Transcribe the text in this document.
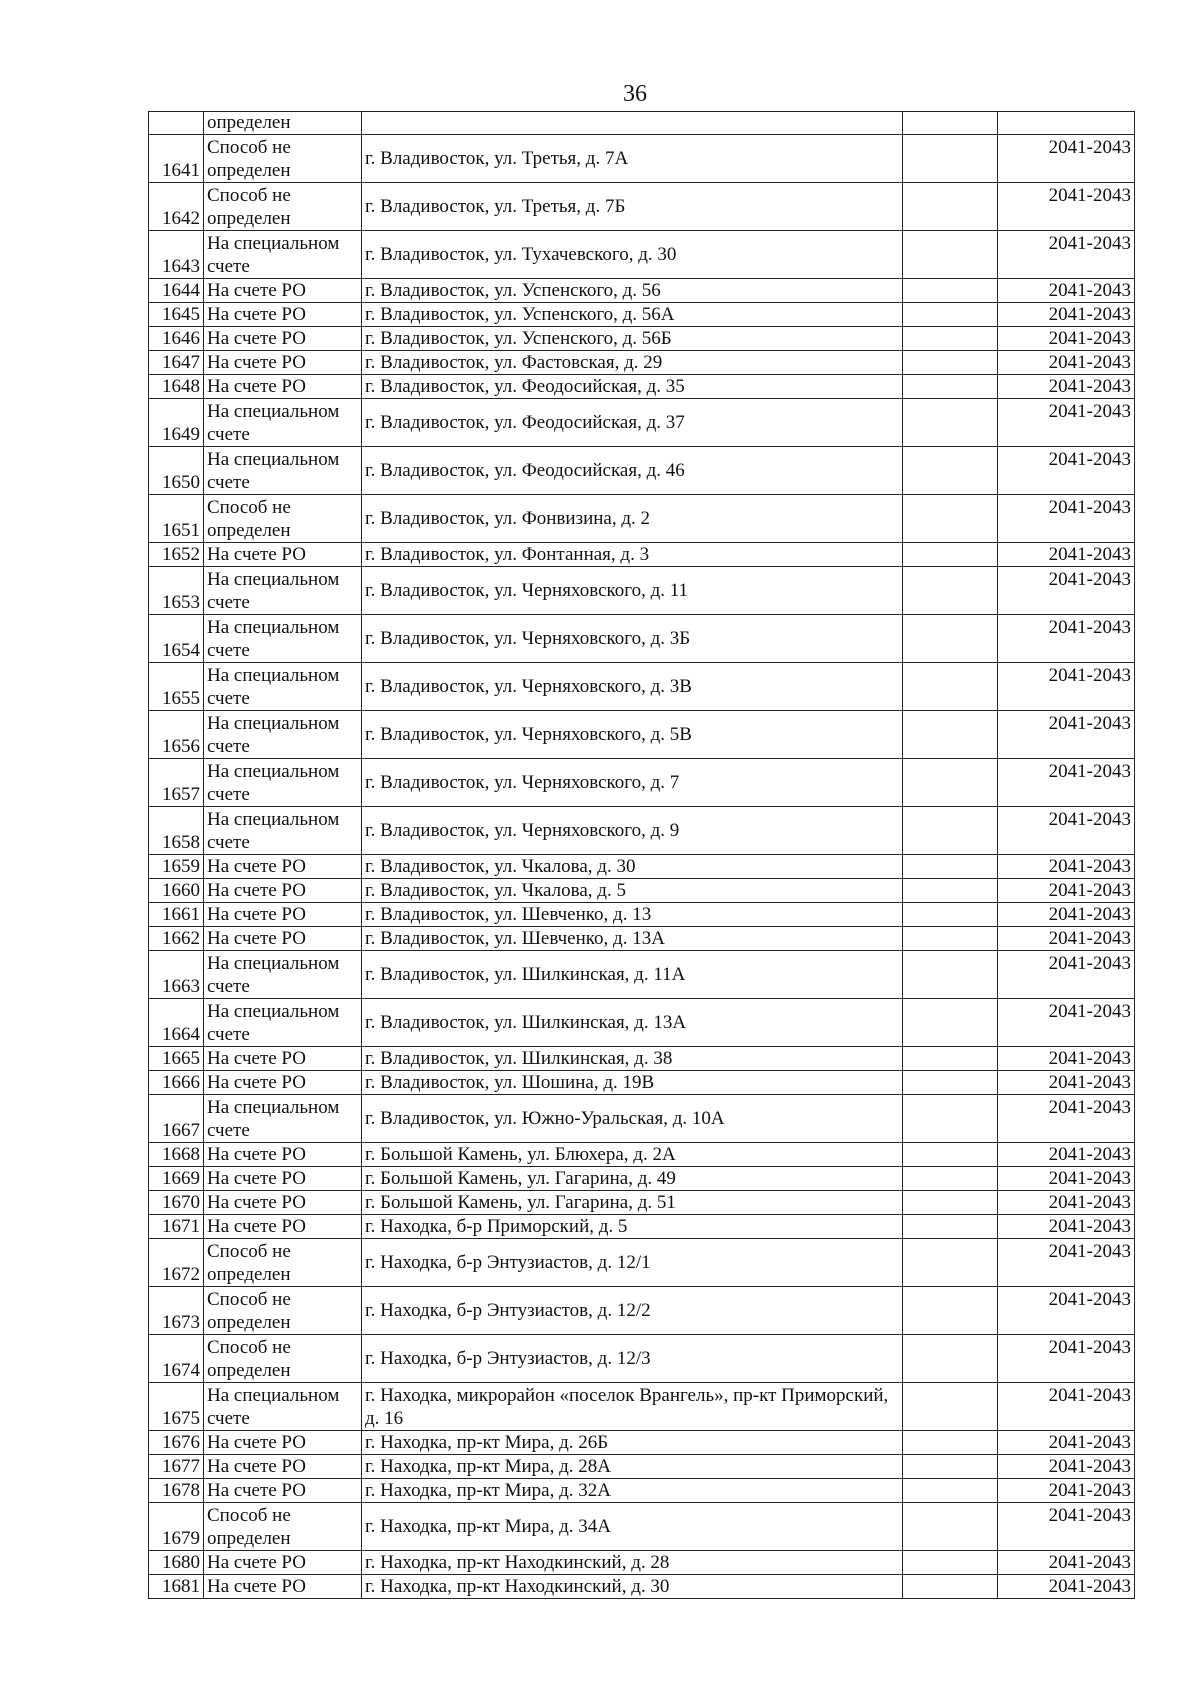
36
	определен			
1641	Способ не определен	г. Владивосток, ул. Третья, д. 7А		2041-2043
1642	Способ не определен	г. Владивосток, ул. Третья, д. 7Б		2041-2043
1643	На специальном счете	г. Владивосток, ул. Тухачевского, д. 30		2041-2043
1644	На счете РО	г. Владивосток, ул. Успенского, д. 56		2041-2043
1645	На счете РО	г. Владивосток, ул. Успенского, д. 56А		2041-2043
1646	На счете РО	г. Владивосток, ул. Успенского, д. 56Б		2041-2043
1647	На счете РО	г. Владивосток, ул. Фастовская, д. 29		2041-2043
1648	На счете РО	г. Владивосток, ул. Феодосийская, д. 35		2041-2043
1649	На специальном счете	г. Владивосток, ул. Феодосийская, д. 37		2041-2043
1650	На специальном счете	г. Владивосток, ул. Феодосийская, д. 46		2041-2043
1651	Способ не определен	г. Владивосток, ул. Фонвизина, д. 2		2041-2043
1652	На счете РО	г. Владивосток, ул. Фонтанная, д. 3		2041-2043
1653	На специальном счете	г. Владивосток, ул. Черняховского, д. 11		2041-2043
1654	На специальном счете	г. Владивосток, ул. Черняховского, д. 3Б		2041-2043
1655	На специальном счете	г. Владивосток, ул. Черняховского, д. 3В		2041-2043
1656	На специальном счете	г. Владивосток, ул. Черняховского, д. 5В		2041-2043
1657	На специальном счете	г. Владивосток, ул. Черняховского, д. 7		2041-2043
1658	На специальном счете	г. Владивосток, ул. Черняховского, д. 9		2041-2043
1659	На счете РО	г. Владивосток, ул. Чкалова, д. 30		2041-2043
1660	На счете РО	г. Владивосток, ул. Чкалова, д. 5		2041-2043
1661	На счете РО	г. Владивосток, ул. Шевченко, д. 13		2041-2043
1662	На счете РО	г. Владивосток, ул. Шевченко, д. 13А		2041-2043
1663	На специальном счете	г. Владивосток, ул. Шилкинская, д. 11А		2041-2043
1664	На специальном счете	г. Владивосток, ул. Шилкинская, д. 13А		2041-2043
1665	На счете РО	г. Владивосток, ул. Шилкинская, д. 38		2041-2043
1666	На счете РО	г. Владивосток, ул. Шошина, д. 19В		2041-2043
1667	На специальном счете	г. Владивосток, ул. Южно-Уральская, д. 10А		2041-2043
1668	На счете РО	г. Большой Камень, ул. Блюхера, д. 2А		2041-2043
1669	На счете РО	г. Большой Камень, ул. Гагарина, д. 49		2041-2043
1670	На счете РО	г. Большой Камень, ул. Гагарина, д. 51		2041-2043
1671	На счете РО	г. Находка, б-р Приморский, д. 5		2041-2043
1672	Способ не определен	г. Находка, б-р Энтузиастов, д. 12/1		2041-2043
1673	Способ не определен	г. Находка, б-р Энтузиастов, д. 12/2		2041-2043
1674	Способ не определен	г. Находка, б-р Энтузиастов, д. 12/3		2041-2043
1675	На специальном счете	г. Находка, микрорайон «поселок Врангель», пр-кт Приморский, д. 16		2041-2043
1676	На счете РО	г. Находка, пр-кт Мира, д. 26Б		2041-2043
1677	На счете РО	г. Находка, пр-кт Мира, д. 28А		2041-2043
1678	На счете РО	г. Находка, пр-кт Мира, д. 32А		2041-2043
1679	Способ не определен	г. Находка, пр-кт Мира, д. 34А		2041-2043
1680	На счете РО	г. Находка, пр-кт Находкинский, д. 28		2041-2043
1681	На счете РО	г. Находка, пр-кт Находкинский, д. 30		2041-2043
